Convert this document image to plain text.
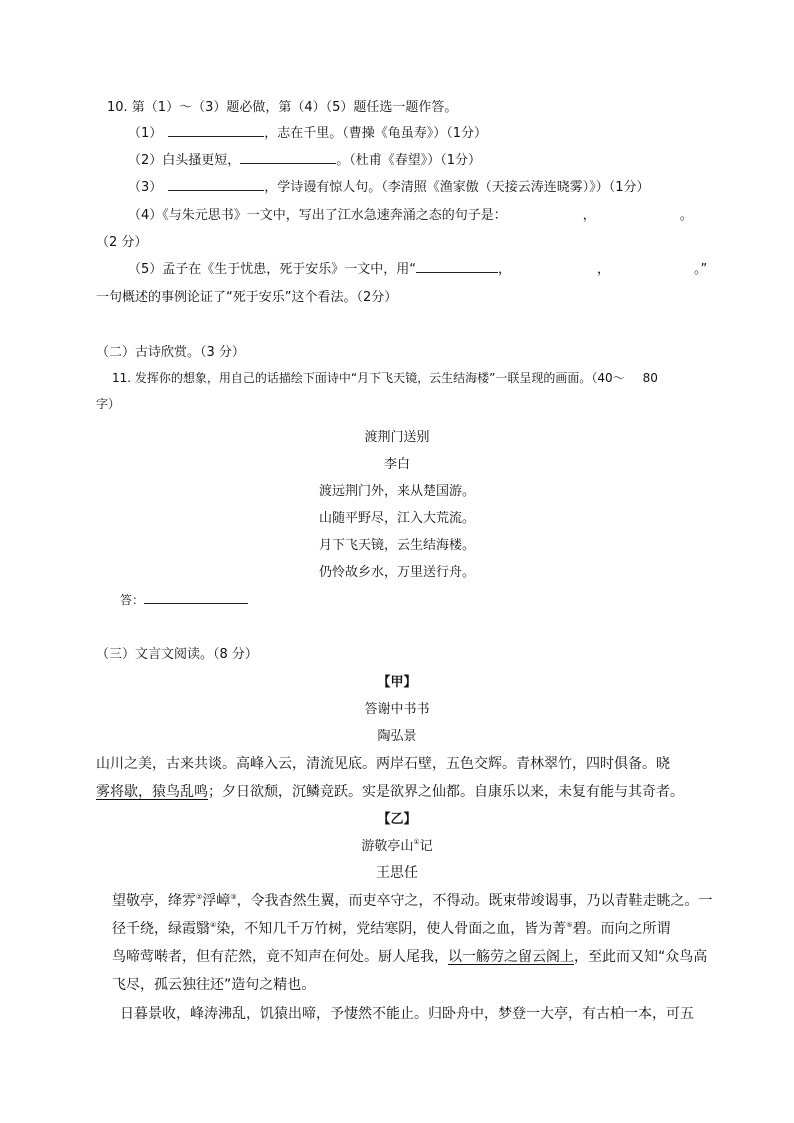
10. 第（1）～（3）题必做，第（4）（5）题任选一题作答。
（1）	，志在千里。（曹操《龟虽寿》）（1分）
（2）白头搔更短，	。（杜甫《春望》）（1分）
（3）	，学诗谩有惊人句。（李清照《渔家傲（天接云涛连晓雾）》）（1分）
（4）《与朱元思书》一文中，写出了江水急速奔涌之态的句子是：	，	。
（2 分）
（5）孟子在《生于忧患，死于安乐》一文中，用“	，	，	。”
一句概述的事例论证了“死于安乐”这个看法。（2分）
（二）古诗欣赏。（3 分）
11. 发挥你的想象，用自己的话描绘下面诗中“月下飞天镜，云生结海楼”一联呈现的画面。（40～ 80
字）
渡荆门送别
李白
渡远荆门外，来从楚国游。
山随平野尽，江入大荒流。
月下飞天镜，云生结海楼。
仍怜故乡水，万里送行舟。
答：
（三）文言文阅读。（8 分）
【甲】
答谢中书书
陶弘景
山川之美，古来共谈。高峰入云，清流见底。两岸石壁，五色交辉。青林翠竹，四时俱备。晓
雾将歇，猿鸟乱鸣；夕日欲颓，沉鳞竞跃。实是欲界之仙都。自康乐以来，未复有能与其奇者。
【乙】
游敬亭山①记
王思任
望敬亭，绛雰②浮嶂③，令我杳然生翼，而吏卒守之，不得动。既束带竣谒事，乃以青鞋走眺之。一
径千绕，绿霞翳④染，不知几千万竹树，党结寒阴，使人骨面之血，皆为菁⑤碧。而向之所谓
鸟啼莺啭者，但有茫然，竟不知声在何处。厨人尾我，以一觞劳之留云阁上，至此而又知“众鸟高
飞尽，孤云独往还”造句之精也。
日暮景收，峰涛沸乱，饥猿出啼，予悽然不能止。归卧舟中，梦登一大亭，有古柏一本，可五
